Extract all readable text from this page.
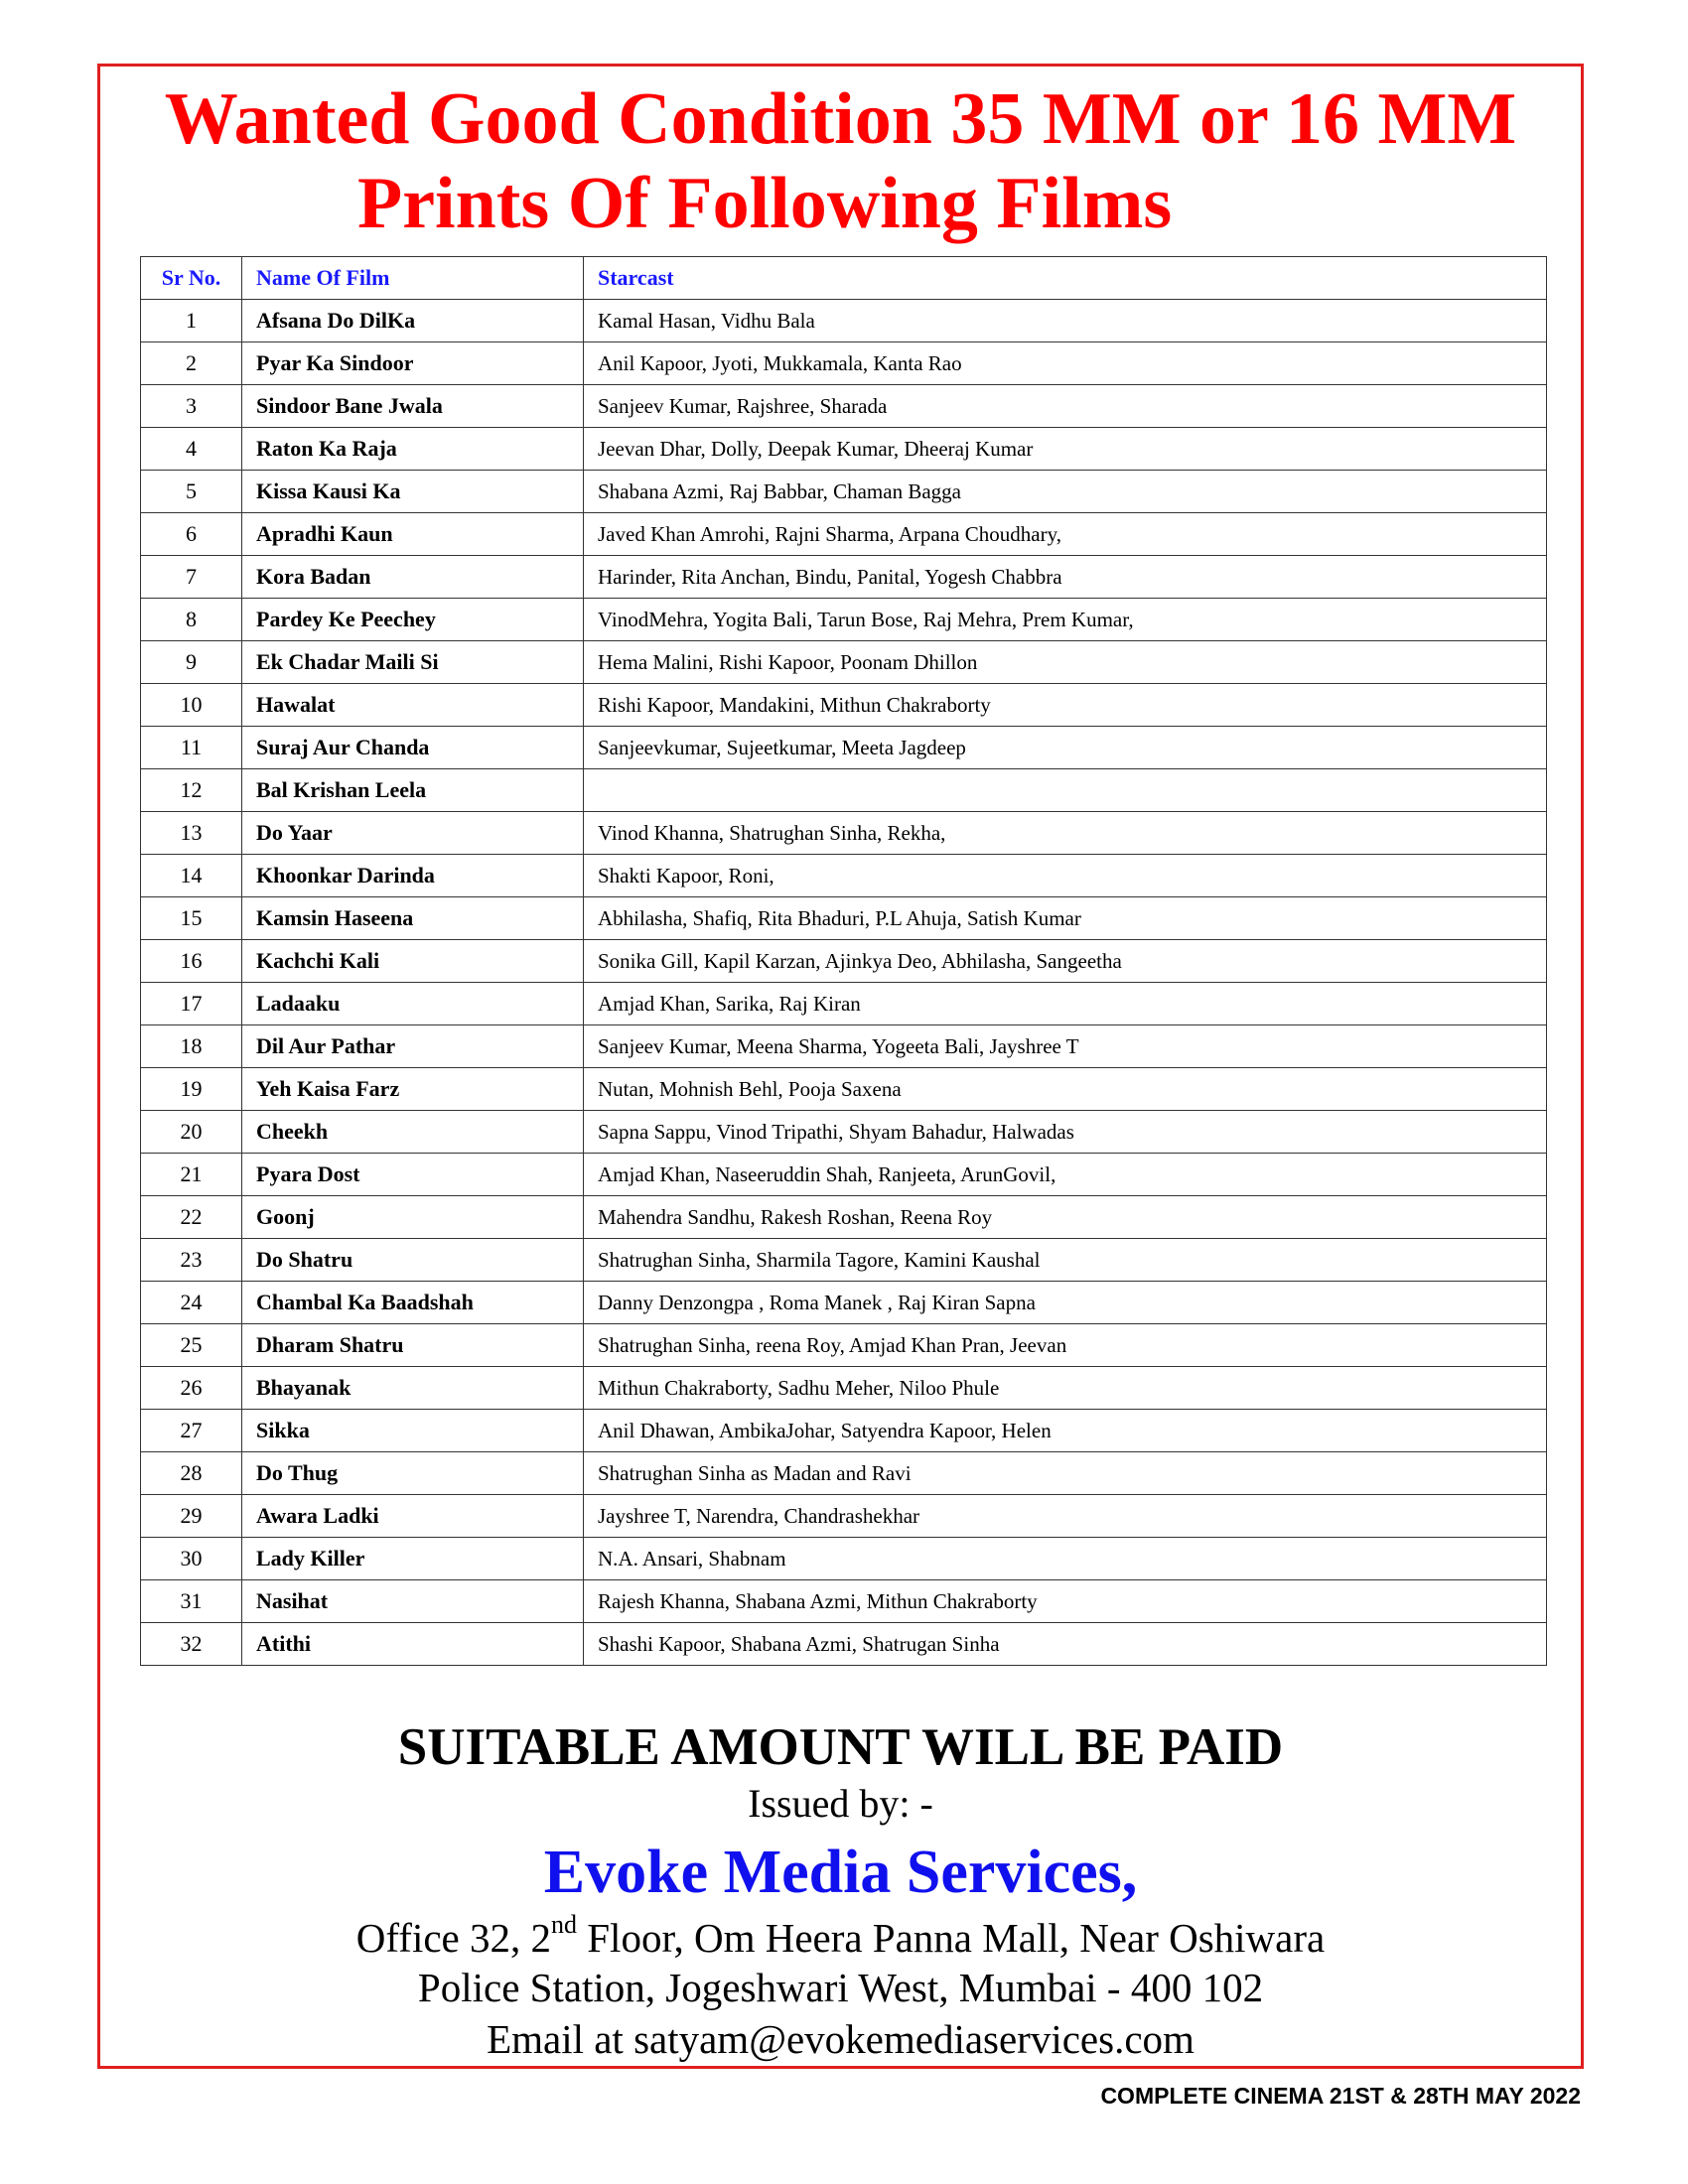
Wanted Good Condition 35 MM or 16 MM
Prints Of Following Films
Sr No.	Name Of Film	Starcast
1	Afsana Do DilKa	Kamal Hasan, Vidhu Bala
2	Pyar Ka Sindoor	Anil Kapoor, Jyoti, Mukkamala, Kanta Rao
3	Sindoor Bane Jwala	Sanjeev Kumar, Rajshree, Sharada
4	Raton Ka Raja	Jeevan Dhar, Dolly, Deepak Kumar, Dheeraj Kumar
5	Kissa Kausi Ka	Shabana Azmi, Raj Babbar, Chaman Bagga
6	Apradhi Kaun	Javed Khan Amrohi, Rajni Sharma, Arpana Choudhary,
7	Kora Badan	Harinder, Rita Anchan, Bindu, Panital, Yogesh Chabbra
8	Pardey Ke Peechey	VinodMehra, Yogita Bali, Tarun Bose, Raj Mehra, Prem Kumar,
9	Ek Chadar Maili Si	Hema Malini, Rishi Kapoor, Poonam Dhillon
10	Hawalat	Rishi Kapoor, Mandakini, Mithun Chakraborty
11	Suraj Aur Chanda	Sanjeevkumar, Sujeetkumar, Meeta Jagdeep
12	Bal Krishan Leela	
13	Do Yaar	Vinod Khanna, Shatrughan Sinha, Rekha,
14	Khoonkar Darinda	Shakti Kapoor, Roni,
15	Kamsin Haseena	Abhilasha, Shafiq, Rita Bhaduri, P.L Ahuja, Satish Kumar
16	Kachchi Kali	Sonika Gill, Kapil Karzan, Ajinkya Deo, Abhilasha, Sangeetha
17	Ladaaku	Amjad Khan, Sarika, Raj Kiran
18	Dil Aur Pathar	Sanjeev Kumar, Meena Sharma, Yogeeta Bali, Jayshree T
19	Yeh Kaisa Farz	Nutan, Mohnish Behl, Pooja Saxena
20	Cheekh	Sapna Sappu, Vinod Tripathi, Shyam Bahadur, Halwadas
21	Pyara Dost	Amjad Khan, Naseeruddin Shah, Ranjeeta, ArunGovil,
22	Goonj	Mahendra Sandhu, Rakesh Roshan, Reena Roy
23	Do Shatru	Shatrughan Sinha, Sharmila Tagore, Kamini Kaushal
24	Chambal Ka Baadshah	Danny Denzongpa , Roma Manek , Raj Kiran Sapna
25	Dharam Shatru	Shatrughan Sinha, reena Roy, Amjad Khan Pran, Jeevan
26	Bhayanak	Mithun Chakraborty, Sadhu Meher, Niloo Phule
27	Sikka	Anil Dhawan, AmbikaJohar, Satyendra Kapoor, Helen
28	Do Thug	Shatrughan Sinha as Madan and Ravi
29	Awara Ladki	Jayshree T, Narendra, Chandrashekhar
30	Lady Killer	N.A. Ansari, Shabnam
31	Nasihat	Rajesh Khanna, Shabana Azmi, Mithun Chakraborty
32	Atithi	Shashi Kapoor, Shabana Azmi, Shatrugan Sinha
SUITABLE AMOUNT WILL BE PAID
Issued by: -
Evoke Media Services,
Office 32, 2nd Floor, Om Heera Panna Mall, Near Oshiwara
Police Station, Jogeshwari West, Mumbai - 400 102
Email at satyam@evokemediaservices.com
COMPLETE CINEMA 21ST & 28TH MAY 2022
